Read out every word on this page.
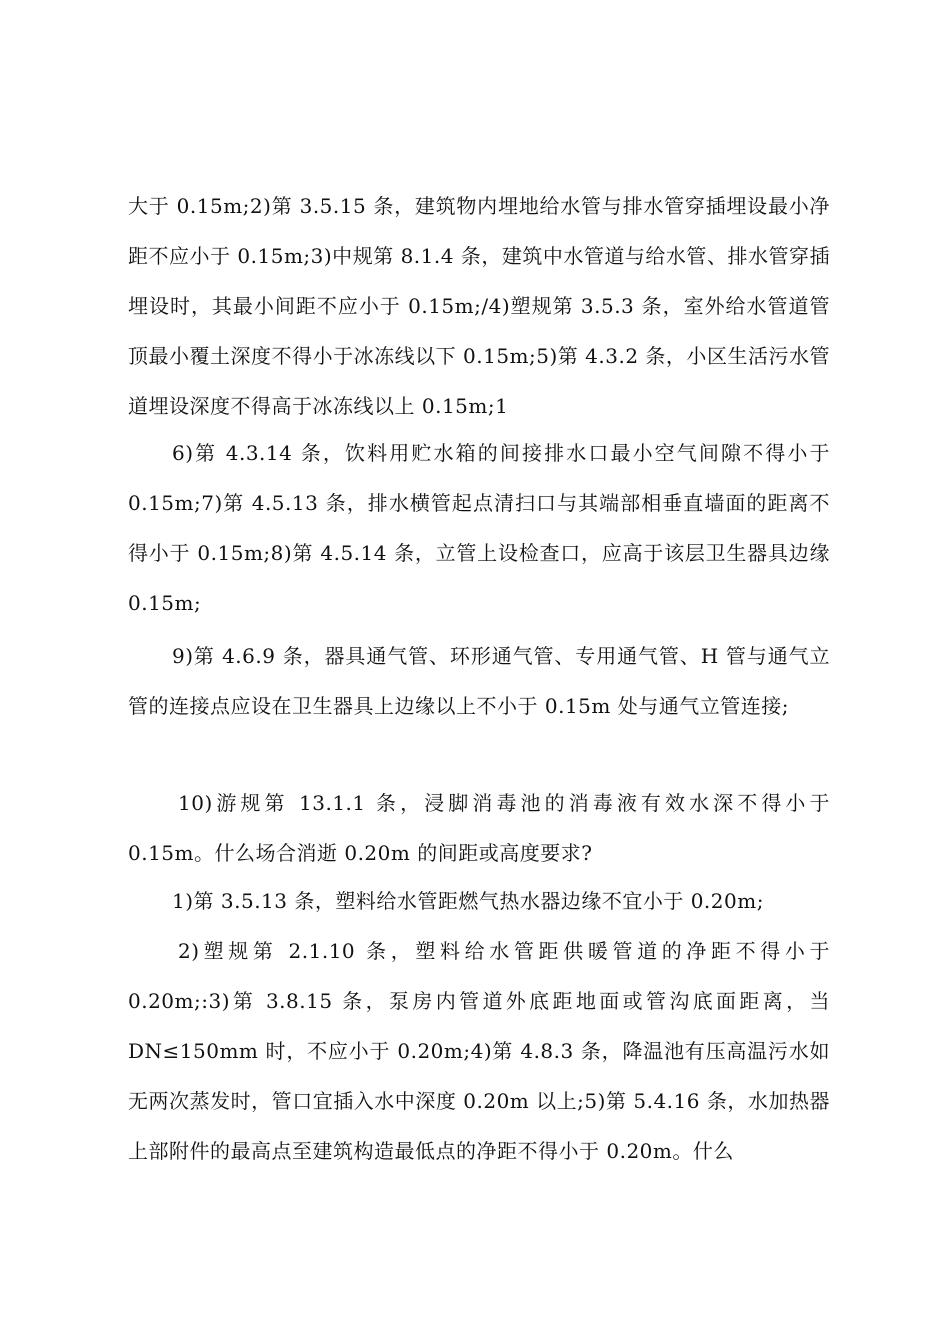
大于 0.15m;2)第 3.5.15 条，建筑物内埋地给水管与排水管穿插埋设最小净距不应小于 0.15m;3)中规第 8.1.4 条，建筑中水管道与给水管、排水管穿插埋设时，其最小间距不应小于 0.15m;/4)塑规第 3.5.3 条，室外给水管道管顶最小覆土深度不得小于冰冻线以下 0.15m;5)第 4.3.2 条，小区生活污水管道埋设深度不得高于冰冻线以上 0.15m;1

6)第 4.3.14 条，饮料用贮水箱的间接排水口最小空气间隙不得小于 0.15m;7)第 4.5.13 条，排水横管起点清扫口与其端部相垂直墙面的距离不得小于 0.15m;8)第 4.5.14 条，立管上设检查口，应高于该层卫生器具边缘 0.15m;

9)第 4.6.9 条，器具通气管、环形通气管、专用通气管、H 管与通气立管的连接点应设在卫生器具上边缘以上不小于 0.15m 处与通气立管连接;

10)游规第 13.1.1 条，浸脚消毒池的消毒液有效水深不得小于 0.15m。什么场合消逝 0.20m 的间距或高度要求?

1)第 3.5.13 条，塑料给水管距燃气热水器边缘不宜小于 0.20m;

2)塑规第 2.1.10 条，塑料给水管距供暖管道的净距不得小于 0.20m;:3)第 3.8.15 条，泵房内管道外底距地面或管沟底面距离，当 DN≤150mm 时，不应小于 0.20m;4)第 4.8.3 条，降温池有压高温污水如无两次蒸发时，管口宜插入水中深度 0.20m 以上;5)第 5.4.16 条，水加热器上部附件的最高点至建筑构造最低点的净距不得小于 0.20m。什么
